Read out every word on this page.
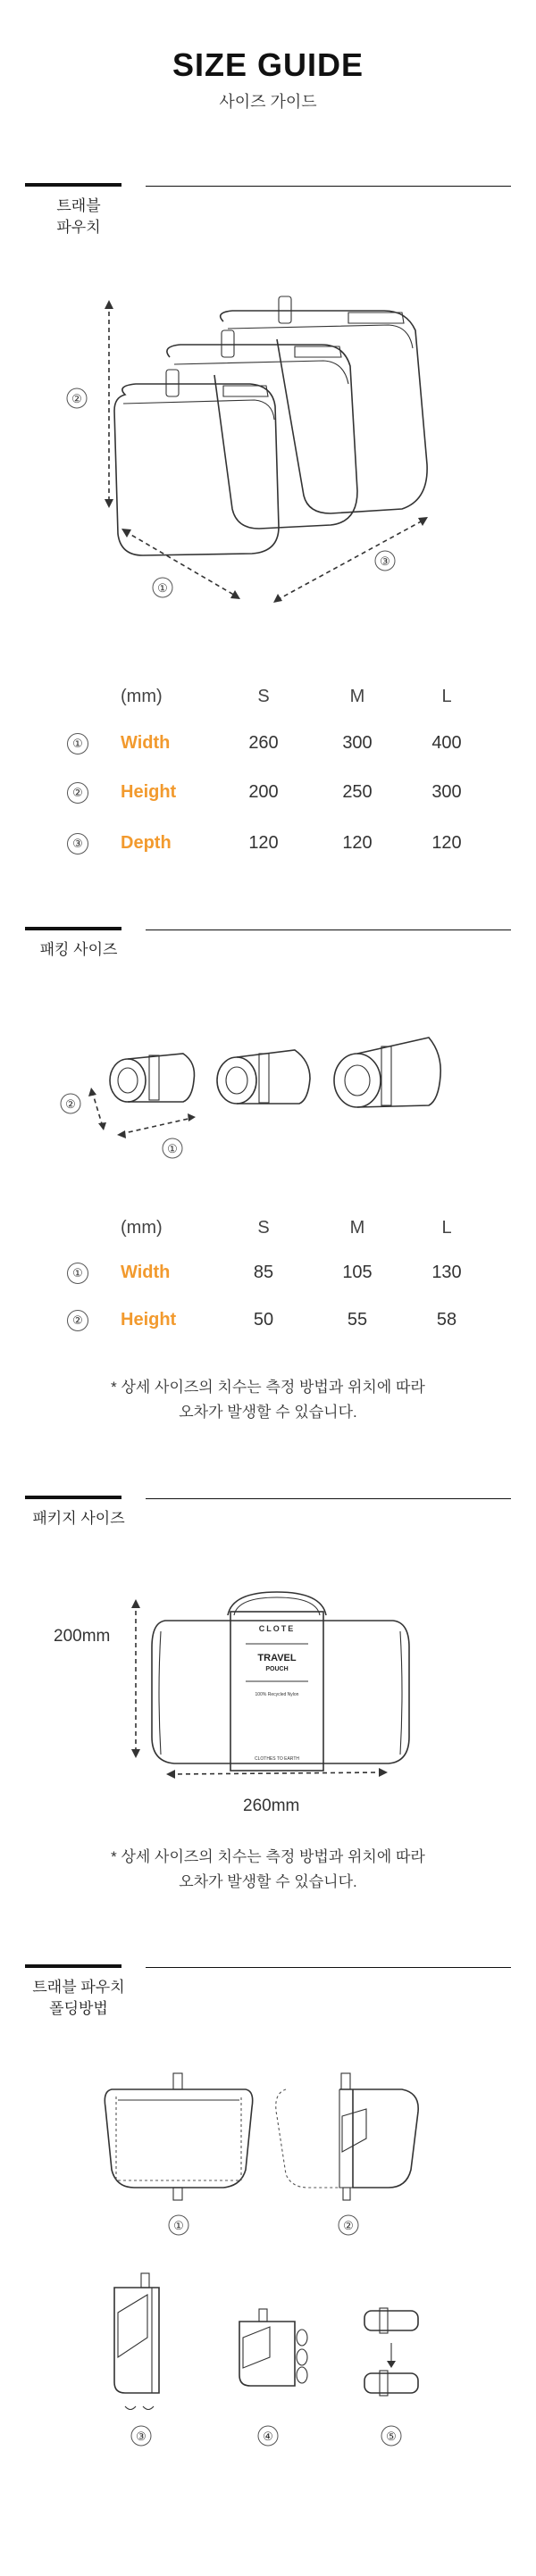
SIZE GUIDE
사이즈 가이드
트래블
파우치
②
①
③
(mm)	S	M	L
①	Width	260	300	400
②	Height	200	250	300
③	Depth	120	120	120
패킹 사이즈
②
①
(mm)	S	M	L
①	Width	85	105	130
②	Height	50	55	58
* 상세 사이즈의 치수는 측정 방법과 위치에 따라
오차가 발생할 수 있습니다.
패키지 사이즈
200mm
260mm
CLOTE
TRAVEL
POUCH
100% Recycled Nylon
CLOTHES TO EARTH
* 상세 사이즈의 치수는 측정 방법과 위치에 따라
오차가 발생할 수 있습니다.
트래블 파우치
폴딩방법
①	②
③	④	⑤
